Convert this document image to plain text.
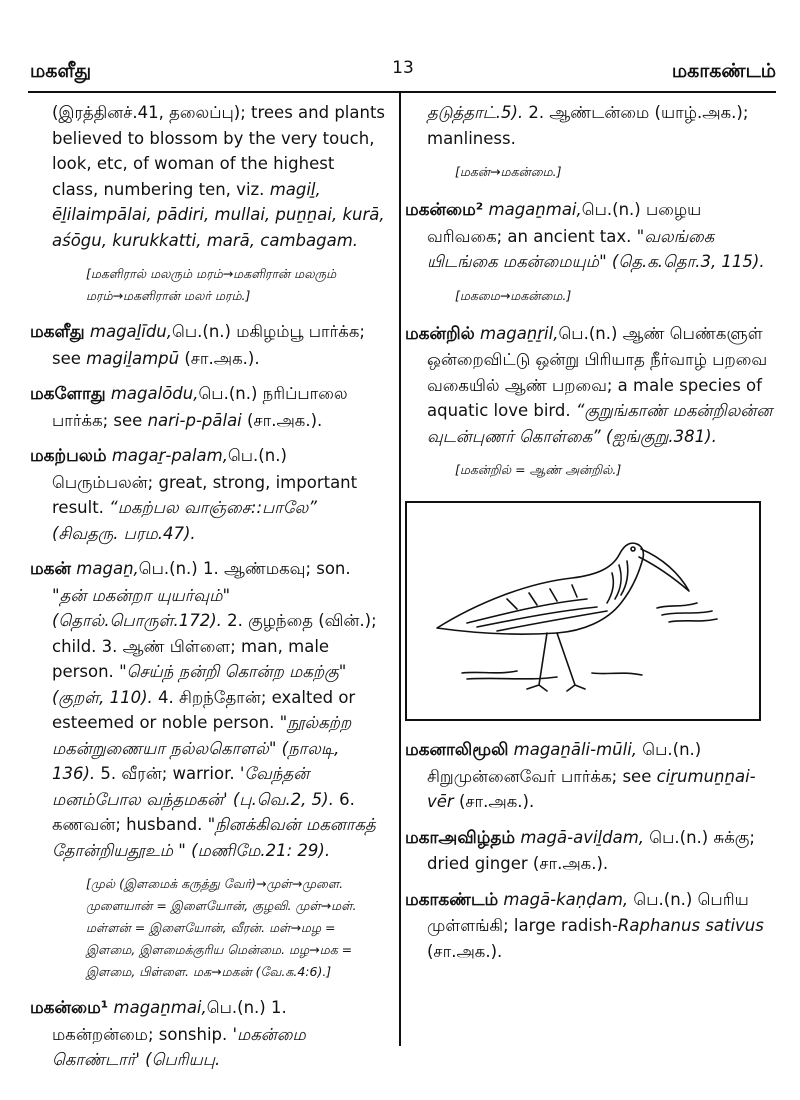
மகளீது	13	மகாகண்டம்

(இரத்தினச்.41, தலைப்பு); trees and plants believed to blossom by the very touch, look, etc, of woman of the highest class, numbering ten, viz. magiḻ, ēḻilaimpālai, pādiri, mullai, puṉṉai, kurā, aśōgu, kurukkatti, marā, cambagam.

[மகளிரால் மலரும் மரம்→மகளிரான் மலரும் மரம்→மகளிரான் மலர் மரம்.]

மகளீது magaḻīdu,பெ.(n.) மகிழம்பூ பார்க்க; see magiḻampū (சா.அக.).

மகளோது magalōdu,பெ.(n.) நரிப்பாலை பார்க்க; see nari-p-pālai (சா.அக.).

மகற்பலம் magaṟ-palam,பெ.(n.) பெரும்பலன்; great, strong, important result. “மகற்பல வாஞ்சை::பாலே” (சிவதரு. பரம.47).

மகன் magaṉ,பெ.(n.) 1. ஆண்மகவு; son. "தன் மகன்றா யுயர்வும்" (தொல்.பொருள்.172). 2. குழந்தை (வின்.); child. 3. ஆண் பிள்ளை; man, male person. "செய்ந் நன்றி கொன்ற மகற்கு" (குறள், 110). 4. சிறந்தோன்; exalted or esteemed or noble person. "நூல்கற்ற மகன்றுணையா நல்லகொளல்" (நாலடி, 136). 5. வீரன்; warrior. 'வேந்தன் மனம்போல வந்தமகன்' (பு.வெ.2, 5). 6. கணவன்; husband. "நினக்கிவன் மகனாகத் தோன்றியதூஉம் " (மணிமே.21: 29).

[முல் (இளமைக் கருத்து வேர்)→முள்→முளை. முளையான் = இளையோன், குழவி. முள்→மள். மள்ளன் = இளையோன், வீரன். மள்→மழ = இளமை, இளமைக்குரிய மென்மை. மழ→மக = இளமை, பிள்ளை. மக→மகன் (வே.க.4:6).]

மகன்மை¹ magaṉmai,பெ.(n.) 1. மகன்றன்மை; sonship. 'மகன்மை கொண்டார்' (பெரியபு.

தடுத்தாட்.5). 2. ஆண்டன்மை (யாழ்.அக.); manliness.

[மகன்→மகன்மை.]

மகன்மை² magaṉmai,பெ.(n.) பழைய வரிவகை; an ancient tax. "வலங்கை யிடங்கை மகன்மையும்" (தெ.க.தொ.3, 115).

[மகமை→மகன்மை.]

மகன்றில் magaṉṟil,பெ.(n.) ஆண் பெண்களுள் ஒன்றைவிட்டு ஒன்று பிரியாத நீர்வாழ் பறவை வகையில் ஆண் பறவை; a male species of aquatic love bird. “குறுங்காண் மகன்றிலன்ன வுடன்புணர் கொள்கை” (ஐங்குறு.381).

[மகன்றில் = ஆண் அன்றில்.]

மகனாலிமூலி magaṉāli-mūli, பெ.(n.) சிறுமுன்னைவேர் பார்க்க; see ciṟumuṉṉai-vēr (சா.அக.).

மகாஅவிழ்தம் magā-aviḻdam, பெ.(n.) சுக்கு; dried ginger (சா.அக.).

மகாகண்டம் magā-kaṇḍam, பெ.(n.) பெரிய முள்ளங்கி; large radish-Raphanus sativus (சா.அக.).
